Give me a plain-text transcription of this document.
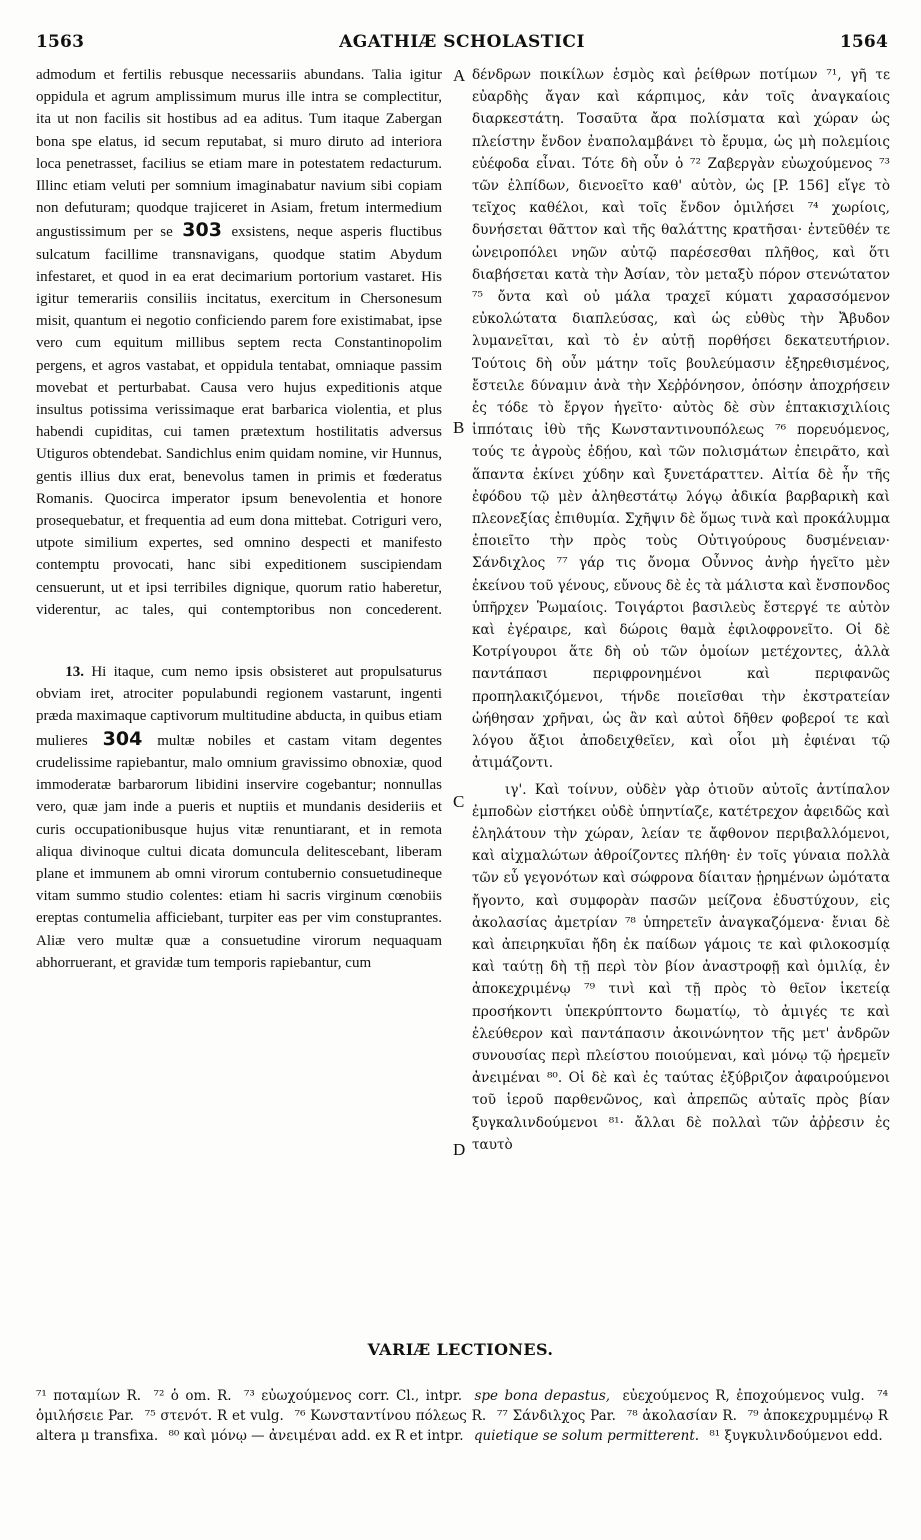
1563	AGATHIÆ SCHOLASTICI	1564

admodum et fertilis rebusque necessariis abundans. Talia igitur oppidula et agrum amplissimum murus ille intra se complectitur, ita ut non facilis sit hostibus ad ea aditus. Tum itaque Zabergan bona spe elatus, id secum reputabat, si muro diruto ad interiora loca penetrasset, facilius se etiam mare in potestatem redacturum. Illinc etiam veluti per somnium imaginabatur navium sibi copiam non defuturam; quodque trajiceret in Asiam, fretum intermedium angustissimum per se 303 exsistens, neque asperis fluctibus sulcatum facillime transnavigans, quodque statim Abydum infestaret, et quod in ea erat decimarium portorium vastaret. His igitur temerariis consiliis incitatus, exercitum in Chersonesum misit, quantum ei negotio conficiendo parem fore existimabat, ipse vero cum equitum millibus septem recta Constantinopolim pergens, et agros vastabat, et oppidula tentabat, omniaque passim movebat et perturbabat. Causa vero hujus expeditionis atque insultus potissima verissimaque erat barbarica violentia, et plus habendi cupiditas, cui tamen prætextum hostilitatis adversus Utiguros obtendebat. Sandichlus enim quidam nomine, vir Hunnus, gentis illius dux erat, benevolus tamen in primis et fœderatus Romanis. Quocirca imperator ipsum benevolentia et honore prosequebatur, et frequentia ad eum dona mittebat. Cotriguri vero, utpote similium expertes, sed omnino despecti et manifesto contemptu provocati, hanc sibi expeditionem suscipiendam censuerunt, ut et ipsi terribiles dignique, quorum ratio haberetur, viderentur, ac tales, qui contemptoribus non concederent.

13. Hi itaque, cum nemo ipsis obsisteret aut propulsaturus obviam iret, atrociter populabundi regionem vastarunt, ingenti præda maximaque captivorum multitudine abducta, in quibus etiam mulieres 304 multæ nobiles et castam vitam degentes crudelissime rapiebantur, malo omnium gravissimo obnoxiæ, quod immoderatæ barbarorum libidini inservire cogebantur; nonnullas vero, quæ jam inde a pueris et nuptiis et mundanis desideriis et curis occupationibusque hujus vitæ renuntiarant, et in remota aliqua divinoque cultui dicata domuncula delitescebant, liberam plane et immunem ab omni virorum contubernio consuetudineque vitam summo studio colentes: etiam hi sacris virginum cœnobiis ereptas contumelia afficiebant, turpiter eas per vim constuprantes. Aliæ vero multæ quæ a consuetudine virorum nequaquam abhorruerant, et gravidæ tum temporis rapiebantur, cum

A
B
C
D

δένδρων ποικίλων ἑσμὸς καὶ ῥείθρων ποτίμων ⁷¹, γῆ τε εὐαρδὴς ἄγαν καὶ κάρπιμος, κἀν τοῖς ἀναγκαίοις διαρκεστάτη. Τοσαῦτα ἄρα πολίσματα καὶ χώραν ὡς πλείστην ἔνδον ἐναπολαμβάνει τὸ ἔρυμα, ὡς μὴ πολεμίοις εὐέφοδα εἶναι. Τότε δὴ οὖν ὁ ⁷² Ζαβεργὰν εὐωχούμενος ⁷³ τῶν ἐλπίδων, διενοεῖτο καθ' αὑτὸν, ὡς [P. 156] εἴγε τὸ τεῖχος καθέλοι, καὶ τοῖς ἔνδον ὁμιλήσει ⁷⁴ χωρίοις, δυνήσεται θᾶττον καὶ τῆς θαλάττης κρατῆσαι· ἐντεῦθέν τε ὠνειροπόλει νηῶν αὐτῷ παρέσεσθαι πλῆθος, καὶ ὅτι διαβήσεται κατὰ τὴν Ἀσίαν, τὸν μεταξὺ πόρον στενώτατον ⁷⁵ ὄντα καὶ οὐ μάλα τραχεῖ κύματι χαρασσόμενον εὐκολώτατα διαπλεύσας, καὶ ὡς εὐθὺς τὴν Ἄβυδον λυμανεῖται, καὶ τὸ ἐν αὐτῇ πορθήσει δεκατευτήριον. Τούτοις δὴ οὖν μάτην τοῖς βουλεύμασιν ἐξηρεθισμένος, ἔστειλε δύναμιν ἀνὰ τὴν Χεῤῥόνησον, ὁπόσην ἀποχρήσειν ἐς τόδε τὸ ἔργον ἡγεῖτο· αὐτὸς δὲ σὺν ἑπτακισχιλίοις ἱππόταις ἰθὺ τῆς Κωνσταντινουπόλεως ⁷⁶ πορευόμενος, τούς τε ἀγροὺς ἐδῄου, καὶ τῶν πολισμάτων ἐπειρᾶτο, καὶ ἅπαντα ἐκίνει χύδην καὶ ξυνετάραττεν. Αἰτία δὲ ἦν τῆς ἐφόδου τῷ μὲν ἀληθεστάτῳ λόγῳ ἀδικία βαρβαρικὴ καὶ πλεονεξίας ἐπιθυμία. Σχῆψιν δὲ ὅμως τινὰ καὶ προκάλυμμα ἐποιεῖτο τὴν πρὸς τοὺς Οὐτιγούρους δυσμένειαν· Σάνδιχλος ⁷⁷ γάρ τις ὄνομα Οὖννος ἀνὴρ ἡγεῖτο μὲν ἐκείνου τοῦ γένους, εὔνους δὲ ἐς τὰ μάλιστα καὶ ἔνσπονδος ὑπῆρχεν Ῥωμαίοις. Τοιγάρτοι βασιλεὺς ἔστεργέ τε αὐτὸν καὶ ἐγέραιρε, καὶ δώροις θαμὰ ἐφιλοφρονεῖτο. Οἱ δὲ Κοτρίγουροι ἅτε δὴ οὐ τῶν ὁμοίων μετέχοντες, ἀλλὰ παντάπασι περιφρονημένοι καὶ περιφανῶς προπηλακιζόμενοι, τήνδε ποιεῖσθαι τὴν ἐκστρατείαν ὠήθησαν χρῆναι, ὡς ἂν καὶ αὐτοὶ δῆθεν φοβεροί τε καὶ λόγου ἄξιοι ἀποδειχθεῖεν, καὶ οἷοι μὴ ἐφιέναι τῷ ἀτιμάζοντι.

ιγ'. Καὶ τοίνυν, οὐδὲν γὰρ ὁτιοῦν αὐτοῖς ἀντίπαλον ἐμποδὼν εἱστήκει οὐδὲ ὑπηντίαζε, κατέτρεχον ἀφειδῶς καὶ ἐληλάτουν τὴν χώραν, λείαν τε ἄφθονον περιβαλλόμενοι, καὶ αἰχμαλώτων ἀθροίζοντες πλήθη· ἐν τοῖς γύναια πολλὰ τῶν εὖ γεγονότων καὶ σώφρονα δίαιταν ᾑρημένων ὠμότατα ἤγοντο, καὶ συμφορὰν πασῶν μείζονα ἐδυστύχουν, εἰς ἀκολασίας ἀμετρίαν ⁷⁸ ὑπηρετεῖν ἀναγκαζόμενα· ἔνιαι δὲ καὶ ἀπειρηκυῖαι ἤδη ἐκ παίδων γάμοις τε καὶ φιλοκοσμίᾳ καὶ ταύτῃ δὴ τῇ περὶ τὸν βίον ἀναστροφῇ καὶ ὁμιλίᾳ, ἐν ἀποκεχριμένῳ ⁷⁹ τινὶ καὶ τῇ πρὸς τὸ θεῖον ἱκετείᾳ προσήκοντι ὑπεκρύπτοντο δωματίῳ, τὸ ἀμιγές τε καὶ ἐλεύθερον καὶ παντάπασιν ἀκοινώνητον τῆς μετ' ἀνδρῶν συνουσίας περὶ πλείστου ποιούμεναι, καὶ μόνῳ τῷ ἠρεμεῖν ἀνειμέναι ⁸⁰. Οἱ δὲ καὶ ἐς ταύτας ἐξύβριζον ἀφαιρούμενοι τοῦ ἱεροῦ παρθενῶνος, καὶ ἀπρεπῶς αὐταῖς πρὸς βίαν ξυγκαλινδούμενοι ⁸¹· ἄλλαι δὲ πολλαὶ τῶν ἀῤῥεσιν ἐς ταυτὸ

VARIÆ LECTIONES.
⁷¹ ποταμίων R. ⁷² ὁ om. R. ⁷³ εὐωχούμενος corr. Cl., intpr. spe bona depastus, εὐεχούμενος R, ἐποχούμενος vulg. ⁷⁴ ὁμιλήσειε Par. ⁷⁵ στενότ. R et vulg. ⁷⁶ Κωνσταντίνου πόλεως R. ⁷⁷ Σάνδιλχος Par. ⁷⁸ ἀκολασίαν R. ⁷⁹ ἀποκεχρυμμένῳ R altera μ transfixa. ⁸⁰ καὶ μόνῳ — ἀνειμέναι add. ex R et intpr. quietique se solum permitterent. ⁸¹ ξυγκυλινδούμενοι edd.
